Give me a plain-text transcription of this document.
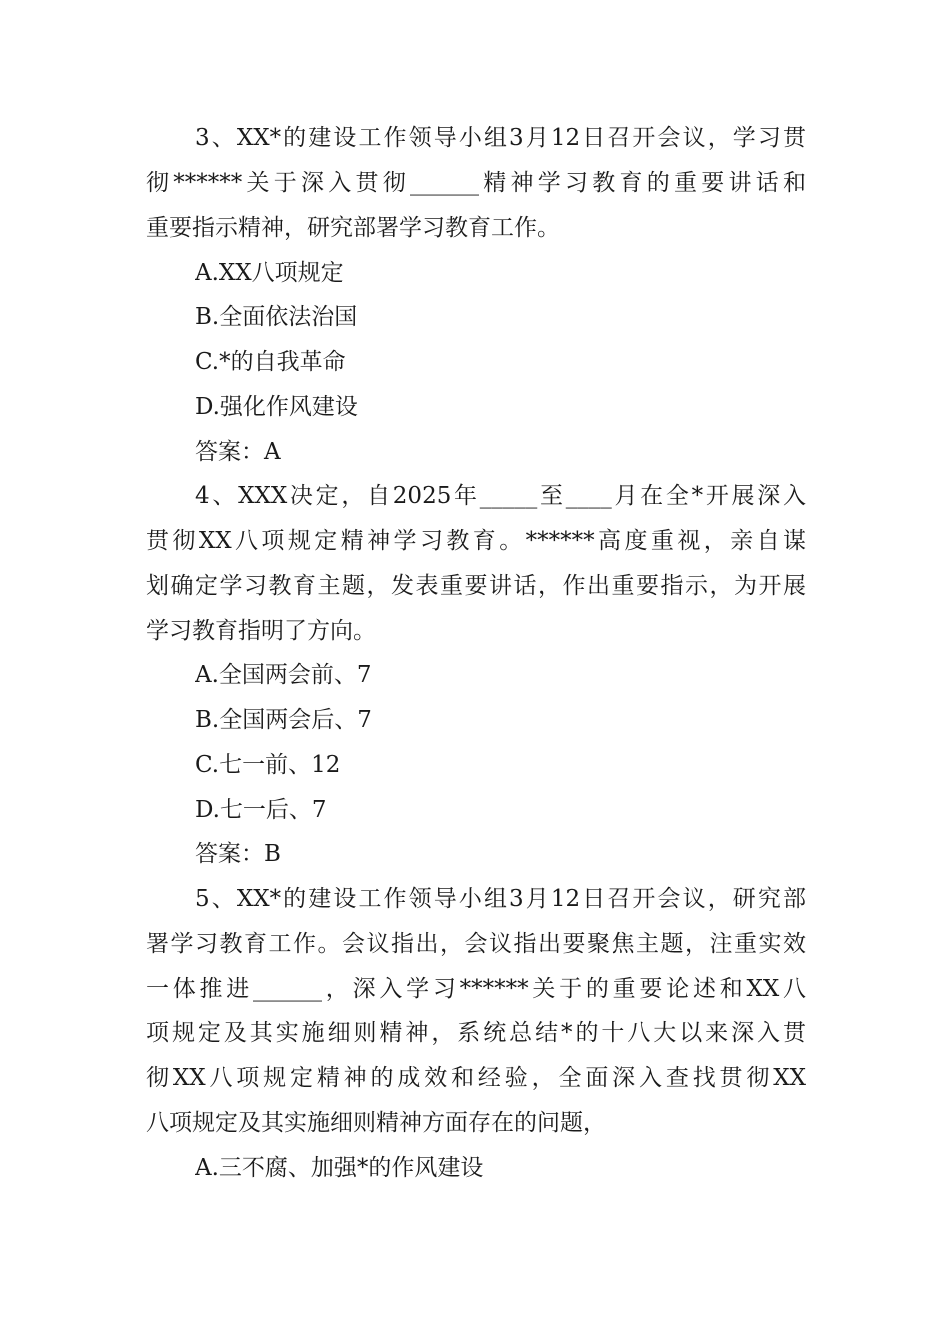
3、XX*的建设工作领导小组3月12日召开会议，学习贯
彻******关于深入贯彻______精神学习教育的重要讲话和
重要指示精神，研究部署学习教育工作。
A.XX八项规定
B.全面依法治国
C.*的自我革命
D.强化作风建设
答案：A
4、XXX决定，自2025年_____至____月在全*开展深入
贯彻XX八项规定精神学习教育。******高度重视，亲自谋
划确定学习教育主题，发表重要讲话，作出重要指示，为开展
学习教育指明了方向。
A.全国两会前、7
B.全国两会后、7
C.七一前、12
D.七一后、7
答案：B
5、XX*的建设工作领导小组3月12日召开会议，研究部
署学习教育工作。会议指出，会议指出要聚焦主题，注重实效
一体推进______，深入学习******关于的重要论述和XX八
项规定及其实施细则精神，系统总结*的十八大以来深入贯
彻XX八项规定精神的成效和经验，全面深入查找贯彻XX
八项规定及其实施细则精神方面存在的问题，
A.三不腐、加强*的作风建设
